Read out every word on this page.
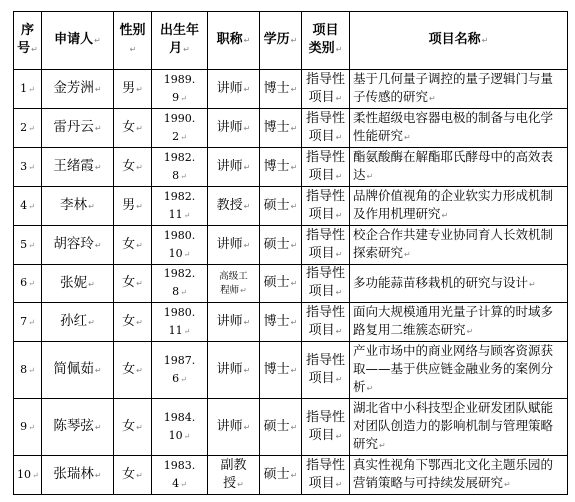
序
号 ↵	申请人 ↵	性别 ↵	出生年
月 ↵	职称 ↵	学历 ↵	项目
类别 ↵	项目名称 ↵
1 ↵	金芳洲 ↵	男 ↵	1989. 9 ↵	讲师 ↵	博士 ↵	指导性
项目 ↵	基于几何量子调控的量子逻辑门与量子传感的研究 ↵
2 ↵	雷丹云 ↵	女 ↵	1990. 2 ↵	讲师 ↵	博士 ↵	指导性
项目 ↵	柔性超级电容器电极的制备与电化学性能研究 ↵
3 ↵	王绪霞 ↵	女 ↵	1982. 8 ↵	讲师 ↵	博士 ↵	指导性
项目 ↵	酯氨酸酶在解酯耶氏酵母中的高效表达 ↵
4 ↵	李林 ↵	男 ↵	1982. 11 ↵	教授 ↵	硕士 ↵	指导性
项目 ↵	品牌价值视角的企业软实力形成机制及作用机理研究 ↵
5 ↵	胡容玲 ↵	女 ↵	1980. 10 ↵	讲师 ↵	硕士 ↵	指导性
项目 ↵	校企合作共建专业协同育人长效机制探索研究 ↵
6 ↵	张妮 ↵	女 ↵	1982. 8 ↵	高级工
程师 ↵	硕士 ↵	指导性
项目 ↵	多功能蒜苗移栽机的研究与设计 ↵
7 ↵	孙红 ↵	女 ↵	1980. 11 ↵	讲师 ↵	博士 ↵	指导性
项目 ↵	面向大规模通用光量子计算的时域多路复用二维簇态研究 ↵
8 ↵	简佩茹 ↵	女 ↵	1987. 6 ↵	讲师 ↵	博士 ↵	指导性
项目 ↵	产业市场中的商业网络与顾客资源获取——基于供应链金融业务的案例分析 ↵
9 ↵	陈琴弦 ↵	女 ↵	1984. 10 ↵	讲师 ↵	硕士 ↵	指导性
项目 ↵	湖北省中小科技型企业研发团队赋能对团队创造力的影响机制与管理策略研究 ↵
10 ↵	张瑞林 ↵	女 ↵	1983. 4 ↵	副教
授 ↵	硕士 ↵	指导性
项目 ↵	真实性视角下鄂西北文化主题乐园的营销策略与可持续发展研究 ↵
